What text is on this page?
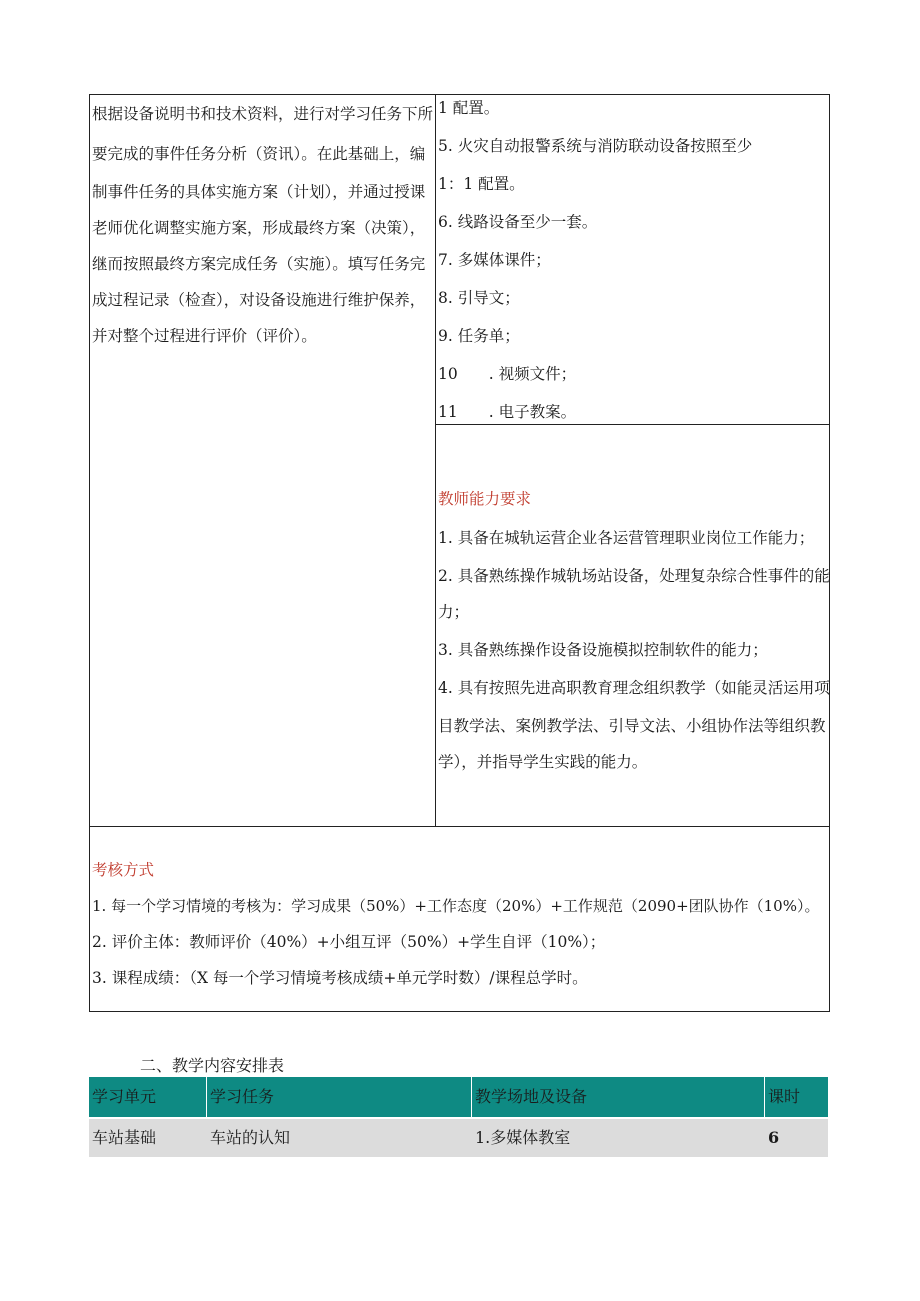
根据设备说明书和技术资料，进行对学习任务下所
要完成的事件任务分析（资讯）。在此基础上，编
制事件任务的具体实施方案（计划），并通过授课
老师优化调整实施方案，形成最终方案（决策），
继而按照最终方案完成任务（实施）。填写任务完
成过程记录（检查），对设备设施进行维护保养，
并对整个过程进行评价（评价）。
1 配置。
5. 火灾自动报警系统与消防联动设备按照至少
1：1 配置。
6. 线路设备至少一套。
7. 多媒体课件；
8. 引导文；
9. 任务单；
10　　. 视频文件；
11　　. 电子教案。
教师能力要求
1. 具备在城轨运营企业各运营管理职业岗位工作能力；
2. 具备熟练操作城轨场站设备，处理复杂综合性事件的能
力；
3. 具备熟练操作设备设施模拟控制软件的能力；
4. 具有按照先进高职教育理念组织教学（如能灵活运用项
目教学法、案例教学法、引导文法、小组协作法等组织教
学），并指导学生实践的能力。
考核方式
1. 每一个学习情境的考核为：学习成果（50%）+工作态度（20%）+工作规范（2090+团队协作（10%）。
2. 评价主体：教师评价（40%）+小组互评（50%）+学生自评（10%）；
3. 课程成绩：（X 每一个学习情境考核成绩+单元学时数）/课程总学时。
二、教学内容安排表
学习单元	学习任务	教学场地及设备	课时
车站基础	车站的认知	1.多媒体教室	6
